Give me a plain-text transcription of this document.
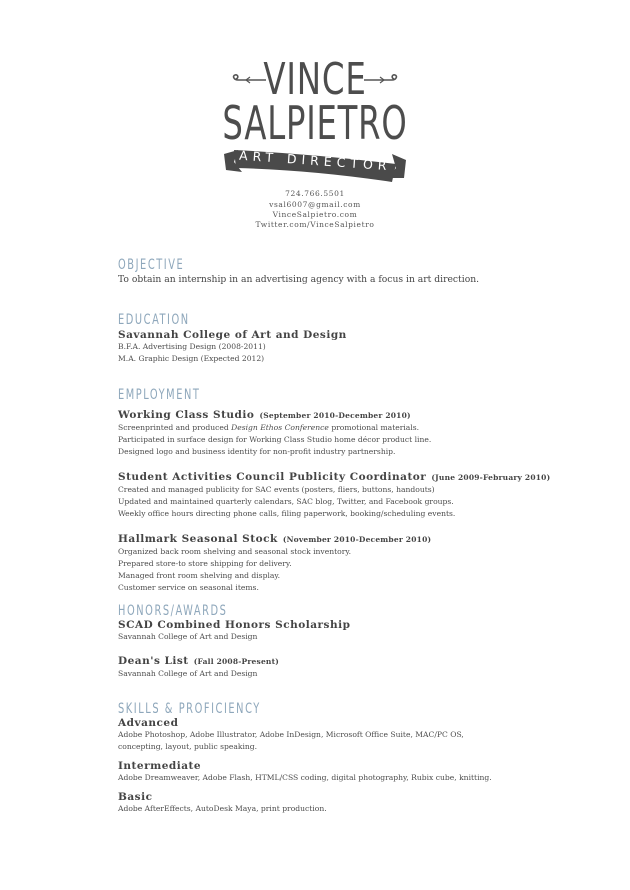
VINCE
SALPIETRO
ART DIRECTOR
724.766.5501
vsal6007@gmail.com
VinceSalpietro.com
Twitter.com/VinceSalpietro
OBJECTIVE
To obtain an internship in an advertising agency with a focus in art direction.
EDUCATION
Savannah College of Art and Design
B.F.A. Advertising Design (2008-2011)
M.A. Graphic Design (Expected 2012)
EMPLOYMENT
Working Class Studio (September 2010-December 2010)
Screenprinted and produced Design Ethos Conference promotional materials.
Participated in surface design for Working Class Studio home décor product line.
Designed logo and business identity for non-profit industry partnership.
Student Activities Council Publicity Coordinator (June 2009-February 2010)
Created and managed publicity for SAC events (posters, fliers, buttons, handouts)
Updated and maintained quarterly calendars, SAC blog, Twitter, and Facebook groups.
Weekly office hours directing phone calls, filing paperwork, booking/scheduling events.
Hallmark Seasonal Stock (November 2010-December 2010)
Organized back room shelving and seasonal stock inventory.
Prepared store-to store shipping for delivery.
Managed front room shelving and display.
Customer service on seasonal items.
HONORS/AWARDS
SCAD Combined Honors Scholarship
Savannah College of Art and Design
Dean's List (Fall 2008-Present)
Savannah College of Art and Design
SKILLS & PROFICIENCY
Advanced
Adobe Photoshop, Adobe Illustrator, Adobe InDesign, Microsoft Office Suite, MAC/PC OS,
concepting, layout, public speaking.
Intermediate
Adobe Dreamweaver, Adobe Flash, HTML/CSS coding, digital photography, Rubix cube, knitting.
Basic
Adobe AfterEffects, AutoDesk Maya, print production.
